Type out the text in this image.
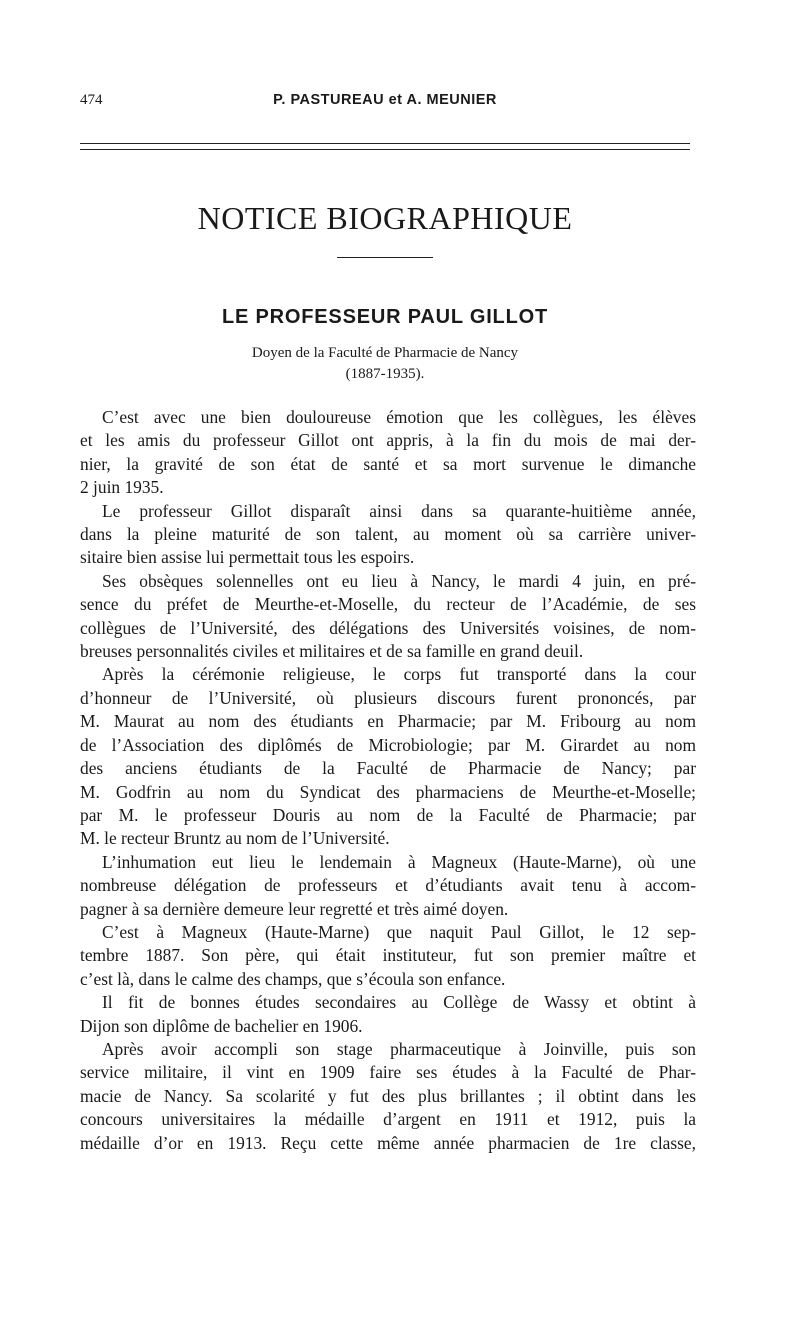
474	P. PASTUREAU et A. MEUNIER
NOTICE BIOGRAPHIQUE
LE PROFESSEUR PAUL GILLOT
Doyen de la Faculté de Pharmacie de Nancy
(1887-1935).
C’est avec une bien douloureuse émotion que les collègues, les élèves
et les amis du professeur Gillot ont appris, à la fin du mois de mai der-
nier, la gravité de son état de santé et sa mort survenue le dimanche
2 juin 1935.
Le professeur Gillot disparaît ainsi dans sa quarante-huitième année,
dans la pleine maturité de son talent, au moment où sa carrière univer-
sitaire bien assise lui permettait tous les espoirs.
Ses obsèques solennelles ont eu lieu à Nancy, le mardi 4 juin, en pré-
sence du préfet de Meurthe-et-Moselle, du recteur de l’Académie, de ses
collègues de l’Université, des délégations des Universités voisines, de nom-
breuses personnalités civiles et militaires et de sa famille en grand deuil.
Après la cérémonie religieuse, le corps fut transporté dans la cour
d’honneur de l’Université, où plusieurs discours furent prononcés, par
M. Maurat au nom des étudiants en Pharmacie; par M. Fribourg au nom
de l’Association des diplômés de Microbiologie; par M. Girardet au nom
des anciens étudiants de la Faculté de Pharmacie de Nancy; par
M. Godfrin au nom du Syndicat des pharmaciens de Meurthe-et-Moselle;
par M. le professeur Douris au nom de la Faculté de Pharmacie; par
M. le recteur Bruntz au nom de l’Université.
L’inhumation eut lieu le lendemain à Magneux (Haute-Marne), où une
nombreuse délégation de professeurs et d’étudiants avait tenu à accom-
pagner à sa dernière demeure leur regretté et très aimé doyen.
C’est à Magneux (Haute-Marne) que naquit Paul Gillot, le 12 sep-
tembre 1887. Son père, qui était instituteur, fut son premier maître et
c’est là, dans le calme des champs, que s’écoula son enfance.
Il fit de bonnes études secondaires au Collège de Wassy et obtint à
Dijon son diplôme de bachelier en 1906.
Après avoir accompli son stage pharmaceutique à Joinville, puis son
service militaire, il vint en 1909 faire ses études à la Faculté de Phar-
macie de Nancy. Sa scolarité y fut des plus brillantes ; il obtint dans les
concours universitaires la médaille d’argent en 1911 et 1912, puis la
médaille d’or en 1913. Reçu cette même année pharmacien de 1re classe,
